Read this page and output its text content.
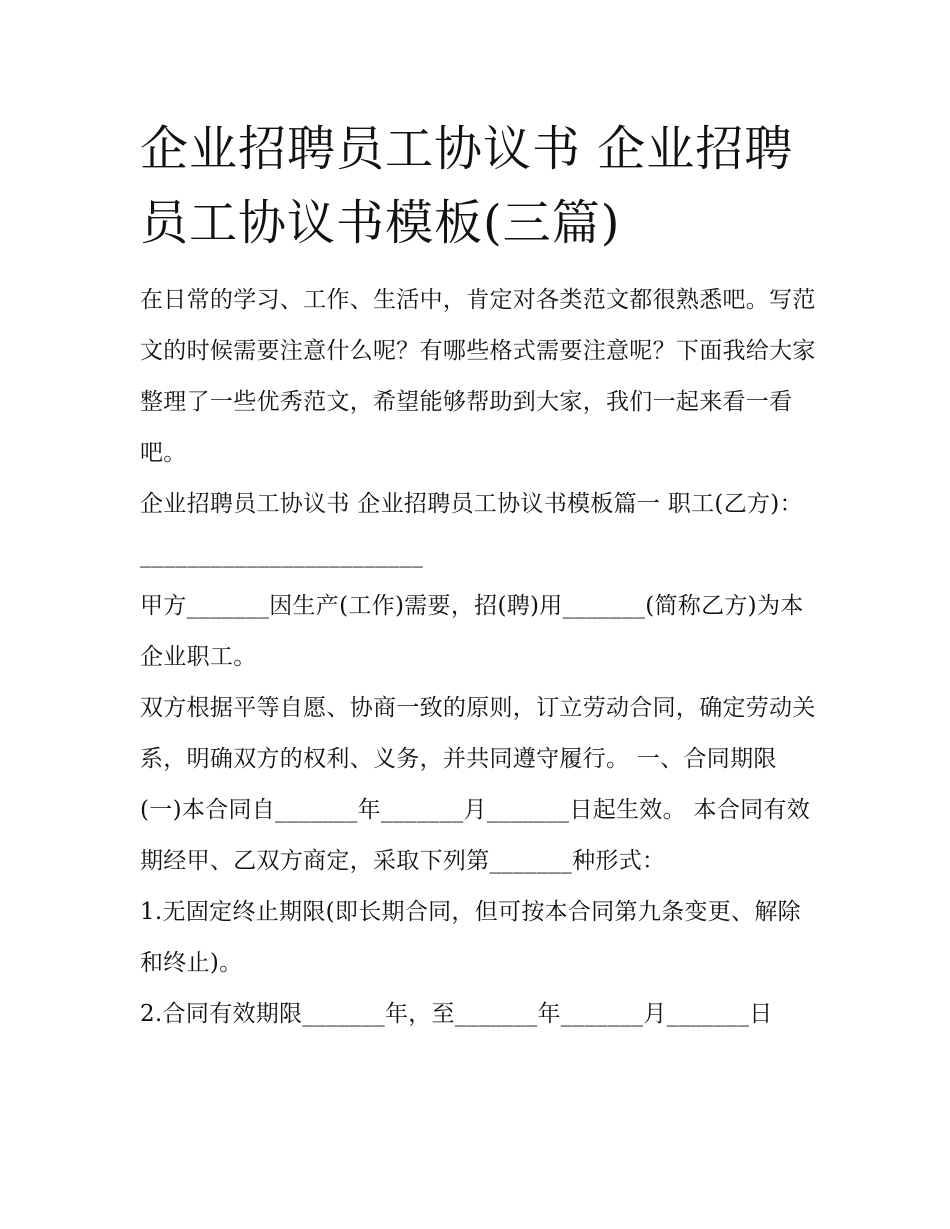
企业招聘员工协议书 企业招聘员工协议书模板(三篇)

在日常的学习、工作、生活中，肯定对各类范文都很熟悉吧。写范文的时候需要注意什么呢？有哪些格式需要注意呢？下面我给大家整理了一些优秀范文，希望能够帮助到大家，我们一起来看一看吧。

企业招聘员工协议书 企业招聘员工协议书模板篇一 职工(乙方)：________________________

甲方_______因生产(工作)需要，招(聘)用_______(简称乙方)为本企业职工。

双方根据平等自愿、协商一致的原则，订立劳动合同，确定劳动关系，明确双方的权利、义务，并共同遵守履行。 一、合同期限

(一)本合同自_______年_______月_______日起生效。 本合同有效期经甲、乙双方商定，采取下列第_______种形式：

1.无固定终止期限(即长期合同，但可按本合同第九条变更、解除和终止)。

2.合同有效期限_______年，至_______年_______月_______日
